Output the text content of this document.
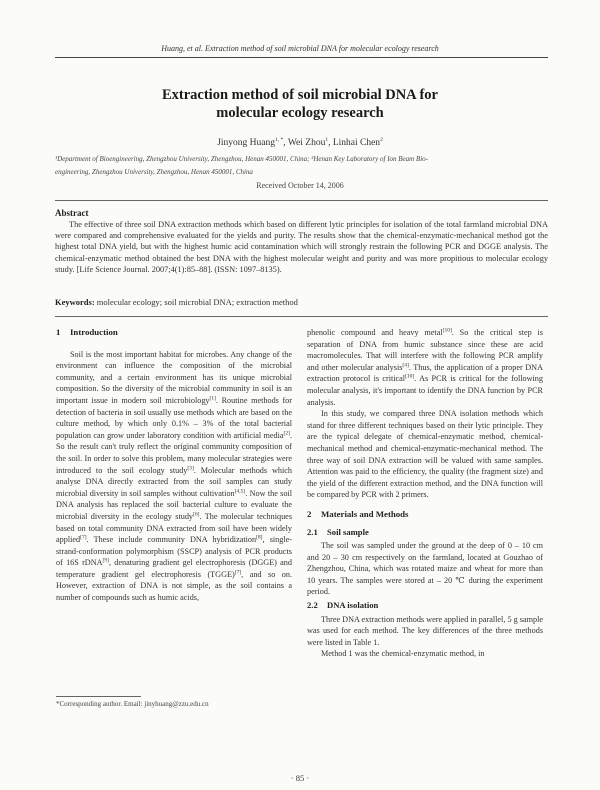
Huang, et al. Extraction method of soil microbial DNA for molecular ecology research
Extraction method of soil microbial DNA for
molecular ecology research
Jinyong Huang$^{1, *}$, Wei Zhou$^1$, Linhai Chen$^2$
¹Department of Bioengineering, Zhengzhou University, Zhengzhou, Henan 450001, China; ²Henan Key Laboratory of Ion Beam Bio-
engineering, Zhengzhou University, Zhengzhou, Henan 450001, China
Received October 14, 2006
Abstract

The effective of three soil DNA extraction methods which based on different lytic principles for isolation of the total farmland microbial DNA were compared and comprehensive evaluated for the yields and purity. The results show that the chemical-enzymatic-mechanical method got the highest total DNA yield, but with the highest humic acid contamination which will strongly restrain the following PCR and DGGE analysis. The chemical-enzymatic method obtained the best DNA with the highest molecular weight and purity and was more propitious to molecular ecology study. [Life Science Journal. 2007;4(1):85–88]. (ISSN: 1097–8135).

Keywords: molecular ecology; soil microbial DNA; extraction method
1 Introduction

Soil is the most important habitat for microbes. Any change of the environment can influence the composition of the microbial community, and a certain environment has its unique microbial composition. So the diversity of the microbial community in soil is an important issue in modern soil microbiology[1]. Routine methods for detection of bacteria in soil usually use methods which are based on the culture method, by which only 0.1% – 3% of the total bacterial population can grow under laboratory condition with artificial media[2]. So the result can't truly reflect the original community composition of the soil. In order to solve this problem, many molecular strategies were introduced to the soil ecology study[3]. Molecular methods which analyse DNA directly extracted from the soil samples can study microbial diversity in soil samples without cultivation[4,5]. Now the soil DNA analysis has replaced the soil bacterial culture to evaluate the microbial diversity in the ecology study[6]. The molecular techniques based on total community DNA extracted from soil have been widely applied[7]. These include community DNA hybridization[8], single-strand-conformation polymorphism (SSCP) analysis of PCR products of 16S rDNA[9], denaturing gradient gel electrophoresis (DGGE) and temperature gradient gel electrophoresis (TGGE)[7], and so on. However, extraction of DNA is not simple, as the soil contains a number of compounds such as humic acids,

phenolic compound and heavy metal[10]. So the critical step is separation of DNA from humic substance since these are acid macromolecules. That will interfere with the following PCR amplify and other molecular analysis[4]. Thus, the application of a proper DNA extraction protocol is critical[10]. As PCR is critical for the following molecular analysis, it's important to identify the DNA function by PCR analysis.

In this study, we compared three DNA isolation methods which stand for three different techniques based on their lytic principle. They are the typical delegate of chemical-enzymatic method, chemical-mechanical method and chemical-enzymatic-mechanical method. The three way of soil DNA extraction will be valued with same samples. Attention was paid to the efficiency, the quality (the fragment size) and the yield of the different extraction method, and the DNA function will be compared by PCR with 2 primers.

2 Materials and Methods
2.1 Soil sample

The soil was sampled under the ground at the deep of 0 – 10 cm and 20 – 30 cm respectively on the farmland, located at Gouzhao of Zhengzhou, China, which was rotated maize and wheat for more than 10 years. The samples were stored at – 20 ℃ during the experiment period.

2.2 DNA isolation

Three DNA extraction methods were applied in parallel, 5 g sample was used for each method. The key differences of the three methods were listed in Table 1.

Method 1 was the chemical-enzymatic method, in

*Corresponding author. Email: jinyhuang@zzu.edu.cn
· 85 ·
